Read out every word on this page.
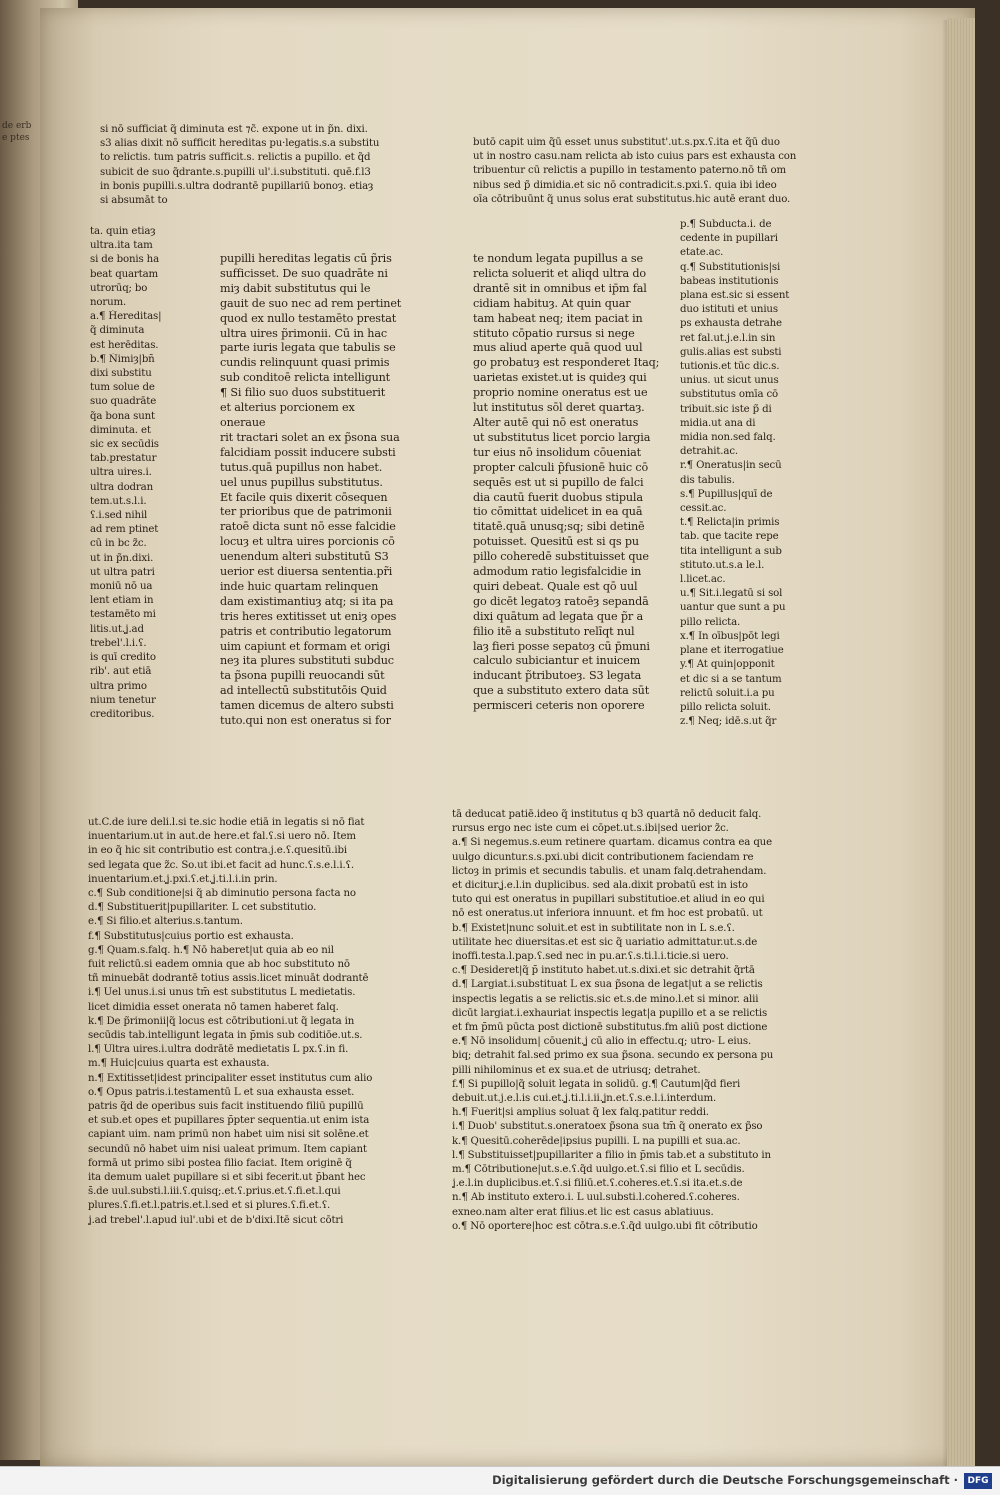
de erbe ptes
si nō sufficiat q̃ diminuta est ⁊c̃. expone ut in p̃n. dixi.
s3 alias dixit nō sufficit hereditas pu·legatis.s.a substitu
to relictis. tum patris sufficit.s. relictis a pupillo. et q̃d
subicit de suo q̃drante.s.pupilli ul'.i.substituti. quē.f.l3
in bonis pupilli.s.ultra dodrantē pupillariū bonoȝ. etiaȝ
si absumāt to
butō capit uim q̃ū esset unus substitut'.ut.s.px.ʕ.ita et q̃ū duo
ut in nostro casu.nam relicta ab isto cuius pars est exhausta con
tribuentur cū relictis a pupillo in testamento paterno.nō tñ om
nibus sed p̃ dimidia.et sic nō contradicit.s.pxi.ʕ. quia ibi ideo
oīa cōtribuūnt q̃ unus solus erat substitutus.hic autē erant duo.
ta. quin etiaȝ
ultra.ita tam
si de bonis ha
beat quartam
utrorūq; bo
norum.
a.¶ Ḣereditas|
q̃ diminuta
est herēditas.
b.¶ Ṅimiȝ|bn̄
dixi substitu
tum solue de
suo quadrāte
q̃a bona sunt
diminuta. et
sic ex secūdis
tab.prestatur
ultra uires.i.
ultra dodran
tem.ut.s.l.i.
ʕ.i.sed nihil
ad rem ptinet
cū in bc z̃c.
ut in p̃n.dixi.
ut ultra patri
moniū nō ua
lent etiam in
testamēto mi
litis.ut.ʝ.ad
trebel'.l.i.ʕ.
is quī credito
rib'. aut etiā
ultra primo
nium tenetur
creditoribus.
pupilli hereditas legatis cū p̃ris
sufficisset. De suo quadrāte ni
miȝ dabit substitutus qui le
gauit de suo nec ad rem pertinet
quod ex nullo testamēto prestat
ultra uires p̃rimonii. Cū in hac
parte iuris legata que tabulis se
cundis relinquunt quasi primis
sub conditoē relicta intelligunt
¶ Si filio suo duos substituerit
et alterius porcionem ex
oneraue
rit tractari solet an ex p̃sona sua
falcidiam possit inducere substi
tutus.quā pupillus non habet.
uel unus pupillus substitutus.
Et facile quis dixerit cōsequen
ter prioribus que de patrimonii
ratoē dicta sunt nō esse falcidie
locuȝ et ultra uires porcionis cō
uenendum alteri substitutū S3
uerior est diuersa sententia.pr̃i
inde huic quartam relinquen
dam existimantiuȝ atq; si ita pa
tris heres extitisset ut eniȝ opes
patris et contributio legatorum
uim capiunt et formam et origi
neȝ ita plures substituti subduc
ta p̃sona pupilli reuocandi sūt
ad intellectū substitutōis Quid
tamen dicemus de altero substi
tuto.qui non est oneratus si for
te nondum legata pupillus a se
relicta soluerit et aliqd ultra do
drantē sit in omnibus et ip̄m fal
cidiam habituȝ. At quin quar
tam habeat neq; item paciat in
stituto cōpatio rursus si nege
mus aliud aperte quā quod uul
go probatuȝ est responderet Itaq;
uarietas existet.ut is quideȝ qui
proprio nomine oneratus est ue
lut institutus sōl deret quartaȝ.
Alter autē qui nō est oneratus
ut substitutus licet porcio largia
tur eius nō insolidum cōueniat
propter calculi p̃fusionē huic cō
sequēs est ut si pupillo de falci
dia cautū fuerit duobus stipula
tio cōmittat uidelicet in ea quā
titatē.quā unusq;sq; sibi detinē
potuisset. Quesitū est si qs pu
pillo coheredē substituisset que
admodum ratio legisfalcidie in
quiri debeat. Quale est qō uul
go dicēt legatoȝ ratoēȝ sepandā
dixi quātum ad legata que p̃r a
filio itē a substituto relīqt nul
laȝ fieri posse sepatoȝ cū p̄muni
calculo subiciantur et inuicem
inducant p̃tributoeȝ. S3 legata
que a substituto extero data sūt
permisceri ceteris non oporere
p.¶ Subducta.i. de
cedente in pupillari
etate.ac.
q.¶ Substitutionis|si
babeas institutionis
plana est.sic si essent
duo istituti et unius
ps exhausta detrahe
ret fal.ut.j.e.l.in sin
gulis.alias est substi
tutionis.et tūc dic.s.
unius. ut sicut unus
substitutus omīa cō
tribuit.sic iste p̃ di
midia.ut ana di
midia non.sed falq.
detrahit.ac.
r.¶ Oneratus|in secū
dis tabulis.
s.¶ Pupillus|quī de
cessit.ac.
t.¶ Relicta|in primis
tab. que tacite repe
tita intelligunt a sub
stituto.ut.s.a le.l.
l.licet.ac.
u.¶ Sit.i.legatū si sol
uantur que sunt a pu
pillo relicta.
x.¶ In oībus|pōt legi
plane et iterrogatiue
y.¶ At quin|opponit
et dic si a se tantum
relictū soluit.i.a pu
pillo relicta soluit.
z.¶ Neq; idē.s.ut q̃r
ut.C.de iure deli.l.si te.sic hodie etiā in legatis si nō fiat
inuentarium.ut in aut.de here.et fal.ʕ.si uero nō. Item
in eo q̃ hic sit contributio est contra.j.e.ʕ.quesitū.ibi
sed legata que z̃c. So.ut ibi.et facit ad hunc.ʕ.s.e.l.i.ʕ.
inuentarium.et.ʝ.pxi.ʕ.et.ʝ.ti.l.i.in prin.
c.¶ Sub conditione|si q̃ ab diminutio persona facta no
d.¶ Substituerit|pupillariter. L cet substitutio.
e.¶ Si filio.et alterius.s.tantum.
f.¶ Substitutus|cuius portio est exhausta.
g.¶ Quam.s.falq. h.¶ Nō haberet|ut quia ab eo nil
fuit relictū.si eadem omnia que ab hoc substituto nō
tñ minuebāt dodrantē totius assis.licet minuāt dodrantē
i.¶ Uel unus.i.si unus tm̄ est substitutus L medietatis.
licet dimidia esset onerata nō tamen haberet falq.
k.¶ De p̃rimonii|q̃ locus est cōtributioni.ut q̃ legata in
secūdis tab.intelligunt legata in p̄mis sub coditiōe.ut.s.
l.¶ Ultra uires.i.ultra dodrātē medietatis L px.ʕ.in fi.
m.¶ Huic|cuius quarta est exhausta.
n.¶ Extitisset|idest principaliter esset institutus cum alio
o.¶ Opus patris.i.testamentū L et sua exhausta esset.
patris q̃d de operibus suis facit instituendo filiū pupillū
et sub.et opes et pupillares p̄pter sequentia.ut enim ista
capiant uim. nam primū non habet uim nisi sit solēne.et
secundū nō habet uim nisi ualeat primum. Item capiant
formā ut primo sibi postea filio faciat. Item originē q̃
ita demum ualet pupillare si et sibi fecerit.ut p̄bant hec
s̄.de uul.substi.l.iii.ʕ.quisq;.et.ʕ.prius.et.ʕ.fi.et.l.qui
plures.ʕ.fi.et.l.patris.et.l.sed et si plures.ʕ.fi.et.ʕ.
ʝ.ad trebel'.l.apud iul'.ubi et de b'dixi.Itē sicut cōtri
tā deducat patiē.ideo q̃ institutus q b3 quartā nō deducit falq.
rursus ergo nec iste cum ei cōpet.ut.s.ibi|sed uerior z̃c.
a.¶ Si negemus.s.eum retinere quartam. dicamus contra ea que
uulgo dicuntur.s.s.pxi.ubi dicit contributionem faciendam re
lictoȝ in primis et secundis tabulis. et unam falq.detrahendam.
et dicitur.ʝ.e.l.in duplicibus. sed ala.dixit probatū est in isto
tuto qui est oneratus in pupillari substitutioe.et aliud in eo qui
nō est oneratus.ut inferiora innuunt. et f̄m hoc est probatū. ut
b.¶ Existet|nunc soluit.et est in subtilitate non in L s.e.ʕ.
utilitate hec diuersitas.et est sic q̃ uariatio admittatur.ut.s.de
inoffi.testa.l.pap.ʕ.sed nec in pu.ar.ʕ.s.ti.l.i.ticie.si uero.
c.¶ Desideret|q̃ p̄ instituto habet.ut.s.dixi.et sic detrahit q̃rtā
d.¶ Largiat.i.substituat L ex sua p̃sona de legat|ut a se relictis
inspectis legatis a se relictis.sic et.s.de mino.l.et si minor. alii
dicūt largiat.i.exhauriat inspectis legat|a pupillo et a se relictis
et f̄m p̄mū pūcta post dictionē substitutus.f̄m aliū post dictione
e.¶ Nō insolidum| cōuenit.ʝ cū alio in effectu.q; utro- L eius.
biq; detrahit fal.sed primo ex sua p̃sona. secundo ex persona pu
pilli nihilominus et ex sua.et de utriusq; detrahet.
f.¶ Si pupillo|q̃ soluit legata in solidū. g.¶ Cautum|q̃d fieri
debuit.ut.j.e.l.is cui.et.ʝ.ti.l.i.ii.ʝn.et.ʕ.s.e.l.i.interdum.
h.¶ Fuerit|si amplius soluat q̃ lex falq.patitur reddi.
i.¶ Duob' substitut.s.oneratoex p̃sona sua tm̄ q̃ onerato ex p̃so
k.¶ Quesitū.coherēde|ipsius pupilli. L na pupilli et sua.ac.
l.¶ Substituisset|pupillariter a filio in p̄mis tab.et a substituto in
m.¶ Cōtributione|ut.s.e.ʕ.q̃d uulgo.et.ʕ.si filio et L secūdis.
ʝ.e.l.in duplicibus.et.ʕ.si filiū.et.ʕ.coheres.et.ʕ.si ita.et.s.de
n.¶ Ab instituto extero.i. L uul.substi.l.cohered.ʕ.coheres.
exneo.nam alter erat filius.et lic est casus ablatiuus.
o.¶ Nō oportere|hoc est cōtra.s.e.ʕ.q̃d uulgo.ubi fit cōtributio
Digitalisierung gefördert durch die Deutsche Forschungsgemeinschaft ·	DFG
